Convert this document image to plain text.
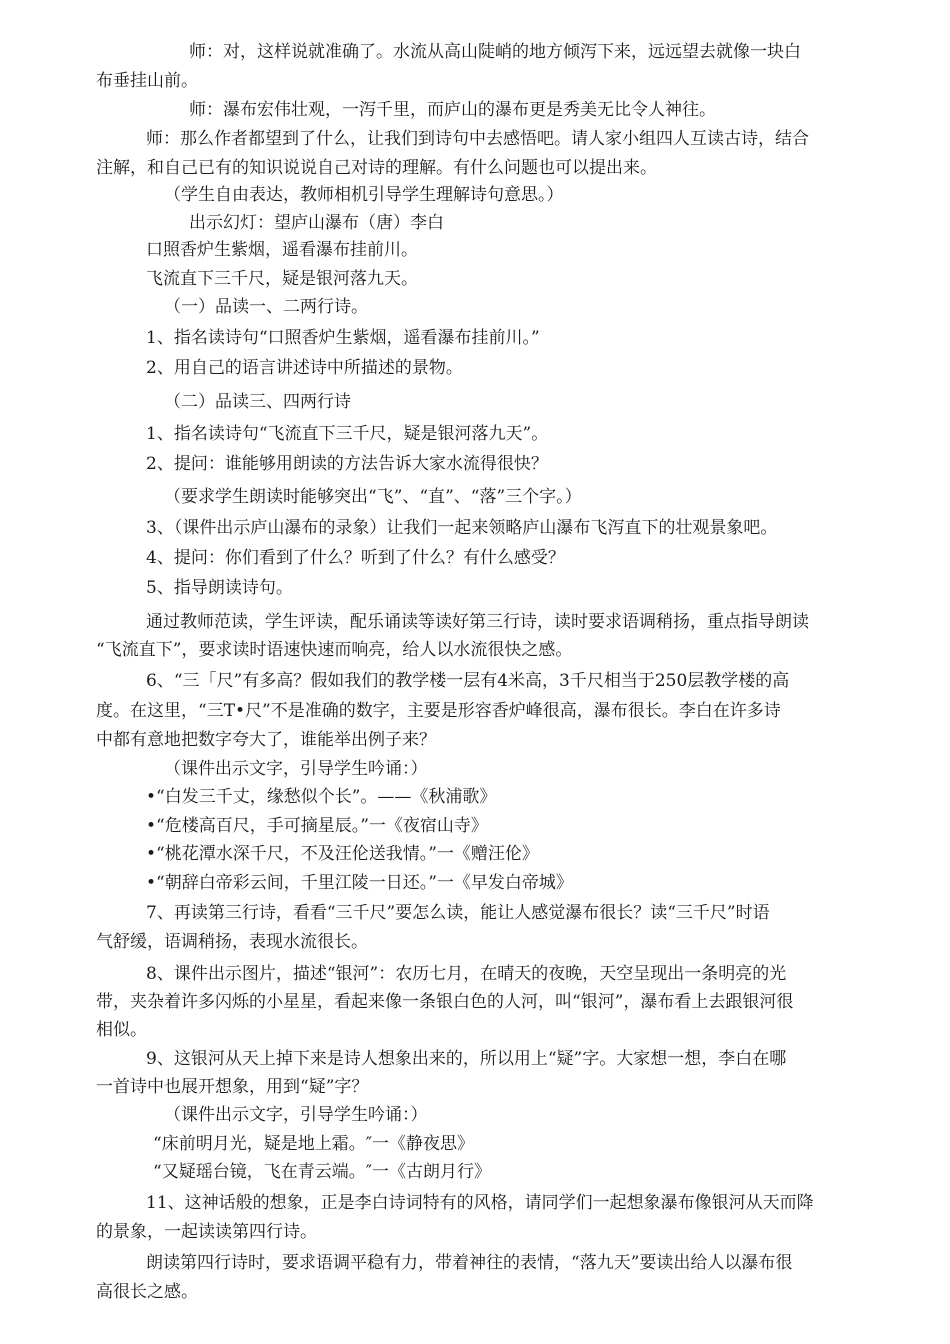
师：对，这样说就准确了。水流从高山陡峭的地方倾泻下来，远远望去就像一块白
布垂挂山前。
师：瀑布宏伟壮观，一泻千里，而庐山的瀑布更是秀美无比令人神往。
师：那么作者都望到了什么，让我们到诗句中去感悟吧。请人家小组四人互读古诗，结合
注解，和自己已有的知识说说自己对诗的理解。有什么问题也可以提出来。
（学生自由表达，教师相机引导学生理解诗句意思。）
出示幻灯：望庐山瀑布（唐）李白
口照香炉生紫烟，遥看瀑布挂前川。
飞流直下三千尺，疑是银河落九天。
（一）品读一、二两行诗。
1、指名读诗句“口照香炉生紫烟，遥看瀑布挂前川。”
2、用自己的语言讲述诗中所描述的景物。
（二）品读三、四两行诗
1、指名读诗句“飞流直下三千尺，疑是银河落九天”。
2、提问：谁能够用朗读的方法告诉大家水流得很快？
（要求学生朗读时能够突出“飞”、“直”、“落”三个字。）
3、（课件出示庐山瀑布的录象）让我们一起来领略庐山瀑布飞泻直下的壮观景象吧。
4、提问：你们看到了什么？听到了什么？有什么感受？
5、指导朗读诗句。
通过教师范读，学生评读，配乐诵读等读好第三行诗，读时要求语调稍扬，重点指导朗读
“飞流直下”，要求读时语速快速而响亮，给人以水流很快之感。
6、“三「尺”有多高？假如我们的教学楼一层有4米高，3千尺相当于250层教学楼的高
度。在这里，“三T•尺”不是准确的数字，主要是形容香炉峰很高，瀑布很长。李白在许多诗
中都有意地把数字夸大了，谁能举出例子来？
（课件出示文字，引导学生吟诵：）
•“白发三千丈，缘愁似个长”。——《秋浦歌》
•“危楼高百尺，手可摘星辰。”一《夜宿山寺》
•“桃花潭水深千尺，不及汪伦送我情。”一《赠汪伦》
•“朝辞白帝彩云间，千里江陵一日还。”一《早发白帝城》
7、再读第三行诗，看看“三千尺”要怎么读，能让人感觉瀑布很长？读“三千尺”时语
气舒缓，语调稍扬，表现水流很长。
8、课件出示图片，描述“银河”：农历七月，在晴天的夜晚，天空呈现出一条明亮的光
带，夹杂着许多闪烁的小星星，看起来像一条银白色的人河，叫“银河”，瀑布看上去跟银河很
相似。
9、这银河从天上掉下来是诗人想象出来的，所以用上“疑”字。大家想一想，李白在哪
一首诗中也展开想象，用到“疑”字？
（课件出示文字，引导学生吟诵：）
“床前明月光，疑是地上霜。″一《静夜思》
“又疑瑶台镜，飞在青云端。″一《古朗月行》
11、这神话般的想象，正是李白诗词特有的风格，请同学们一起想象瀑布像银河从天而降
的景象，一起读读第四行诗。
朗读第四行诗时，要求语调平稳有力，带着神往的表情，“落九天”要读出给人以瀑布很
高很长之感。
